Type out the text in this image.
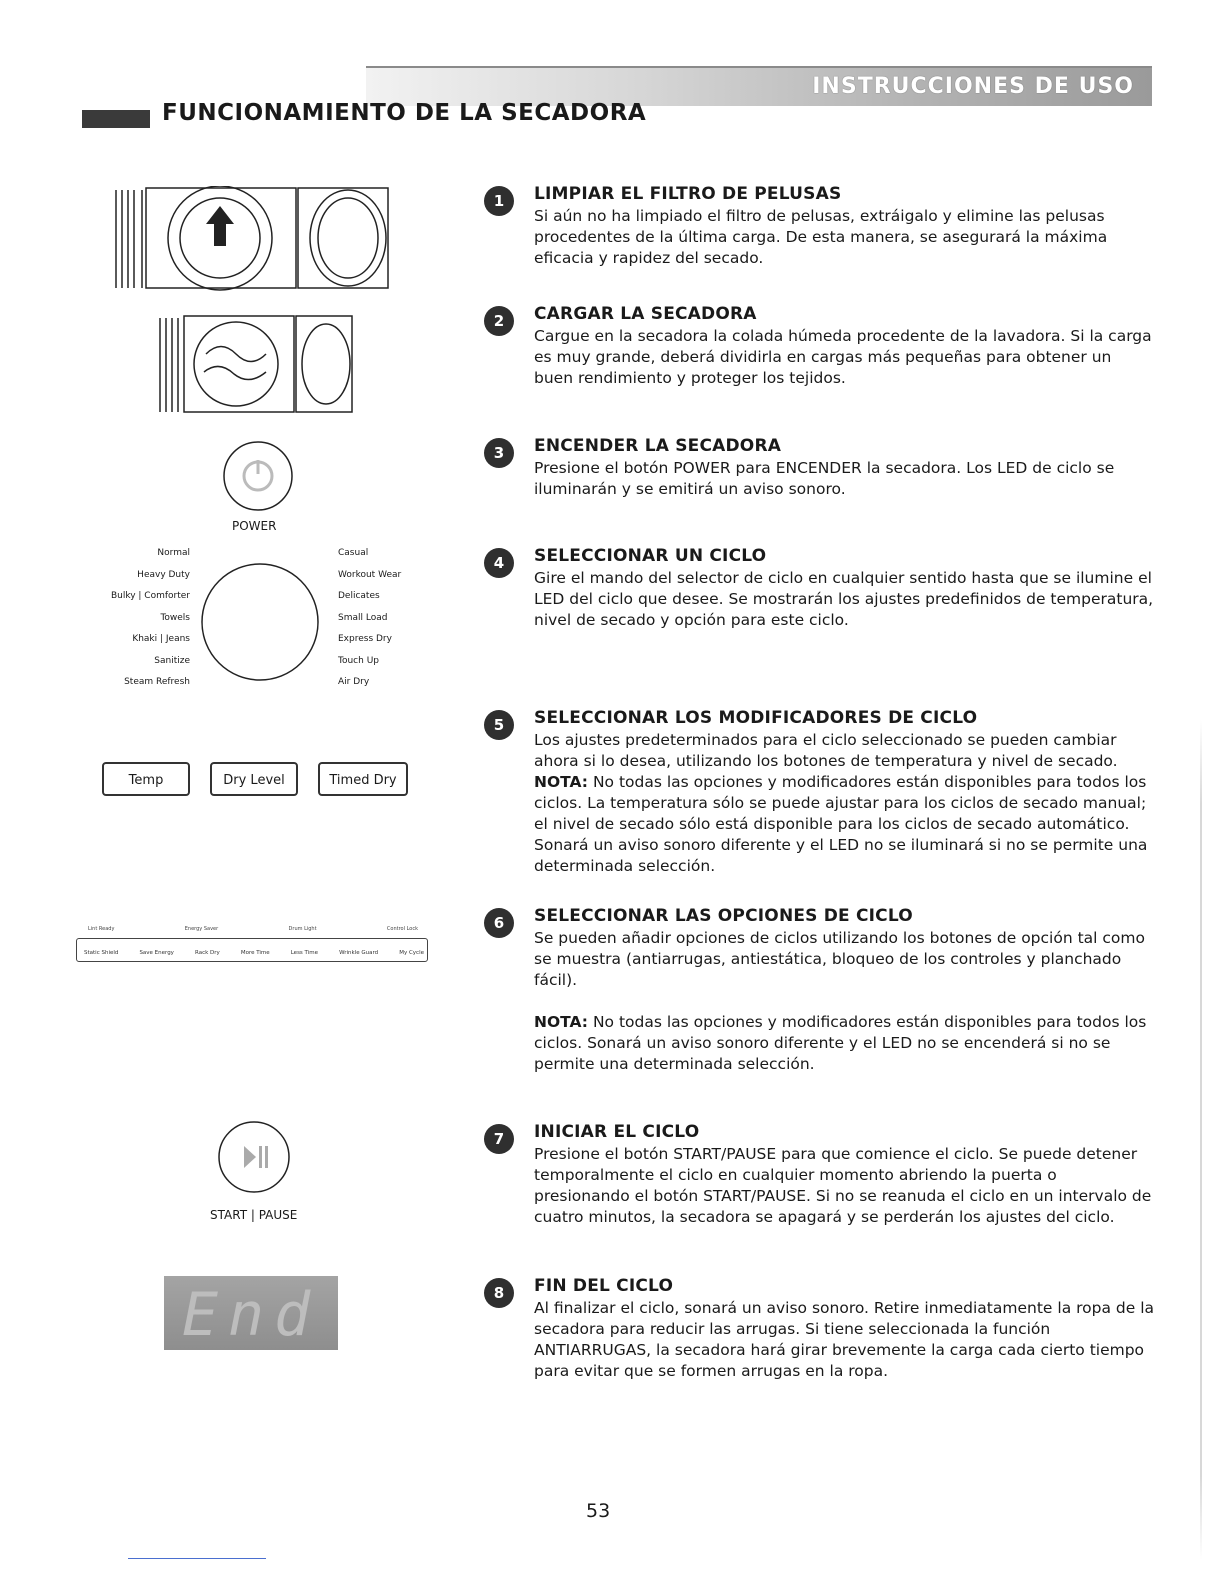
INSTRUCCIONES DE USO
FUNCIONAMIENTO DE LA SECADORA
POWER
Normal
Heavy Duty
Bulky | Comforter
Towels
Khaki | Jeans
Sanitize
Steam Refresh
Casual
Workout Wear
Delicates
Small Load
Express Dry
Touch Up
Air Dry
Temp	Dry Level	Timed Dry
Lint Ready	Energy Saver	Drum Light	Control Lock
Static Shield	Save Energy	Rack Dry	More Time	Less Time	Wrinkle Guard	My Cycle
START | PAUSE
End
1	LIMPIAR EL FILTRO DE PELUSAS

Si aún no ha limpiado el filtro de pelusas, extráigalo y elimine las pelusas procedentes de la última carga. De esta manera, se asegurará la máxima eficacia y rapidez del secado.

2	CARGAR LA SECADORA

Cargue en la secadora la colada húmeda procedente de la lavadora. Si la carga es muy grande, deberá dividirla en cargas más pequeñas para obtener un buen rendimiento y proteger los tejidos.

3	ENCENDER LA SECADORA

Presione el botón POWER para ENCENDER la secadora. Los LED de ciclo se iluminarán y se emitirá un aviso sonoro.

4	SELECCIONAR UN CICLO

Gire el mando del selector de ciclo en cualquier sentido hasta que se ilumine el LED del ciclo que desee. Se mostrarán los ajustes predefinidos de temperatura, nivel de secado y opción para este ciclo.

5	SELECCIONAR LOS MODIFICADORES DE CICLO

Los ajustes predeterminados para el ciclo seleccionado se pueden cambiar ahora si lo desea, utilizando los botones de temperatura y nivel de secado.

NOTA: No todas las opciones y modificadores están disponibles para todos los ciclos. La temperatura sólo se puede ajustar para los ciclos de secado manual; el nivel de secado sólo está disponible para los ciclos de secado automático. Sonará un aviso sonoro diferente y el LED no se iluminará si no se permite una determinada selección.

6	SELECCIONAR LAS OPCIONES DE CICLO

Se pueden añadir opciones de ciclos utilizando los botones de opción tal como se muestra (antiarrugas, antiestática, bloqueo de los controles y planchado fácil).

NOTA: No todas las opciones y modificadores están disponibles para todos los ciclos. Sonará un aviso sonoro diferente y el LED no se encenderá si no se permite una determinada selección.

7	INICIAR EL CICLO

Presione el botón START/PAUSE para que comience el ciclo. Se puede detener temporalmente el ciclo en cualquier momento abriendo la puerta o presionando el botón START/PAUSE. Si no se reanuda el ciclo en un intervalo de cuatro minutos, la secadora se apagará y se perderán los ajustes del ciclo.

8	FIN DEL CICLO

Al finalizar el ciclo, sonará un aviso sonoro. Retire inmediatamente la ropa de la secadora para reducir las arrugas. Si tiene seleccionada la función ANTIARRUGAS, la secadora hará girar brevemente la carga cada cierto tiempo para evitar que se formen arrugas en la ropa.

53
